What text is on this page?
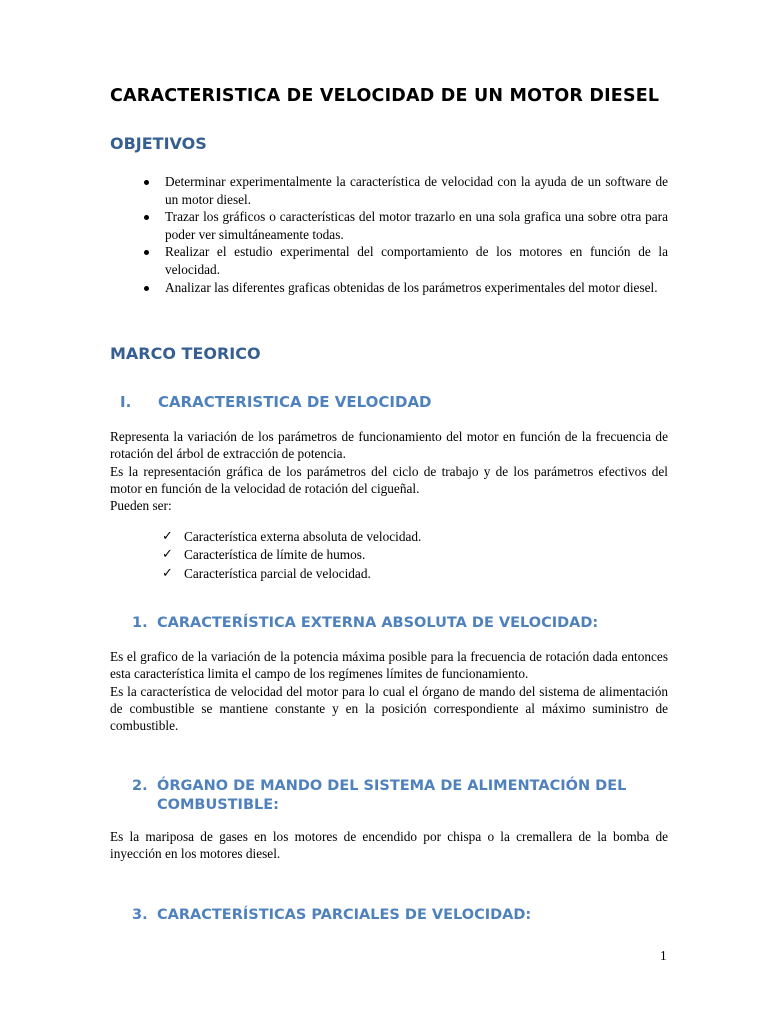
CARACTERISTICA DE VELOCIDAD DE UN MOTOR DIESEL
OBJETIVOS
Determinar experimentalmente la característica de velocidad con la ayuda de un software de un motor diesel.
Trazar los gráficos o características del motor trazarlo en una sola grafica una sobre otra para poder ver simultáneamente todas.
Realizar el estudio experimental del comportamiento de los motores en función de la velocidad.
Analizar las diferentes graficas obtenidas de los parámetros experimentales del motor diesel.
MARCO TEORICO
I. CARACTERISTICA DE VELOCIDAD

Representa la variación de los parámetros de funcionamiento del motor en función de la frecuencia de rotación del árbol de extracción de potencia.

Es la representación gráfica de los parámetros del ciclo de trabajo y de los parámetros efectivos del motor en función de la velocidad de rotación del cigueñal.

Pueden ser:

✓ Característica externa absoluta de velocidad.
✓ Característica de límite de humos.
✓ Característica parcial de velocidad.
1. CARACTERÍSTICA EXTERNA ABSOLUTA DE VELOCIDAD:

Es el grafico de la variación de la potencia máxima posible para la frecuencia de rotación dada entonces esta característica limita el campo de los regímenes límites de funcionamiento.

Es la característica de velocidad del motor para lo cual el órgano de mando del sistema de alimentación de combustible se mantiene constante y en la posición correspondiente al máximo suministro de combustible.

2. ÓRGANO DE MANDO DEL SISTEMA DE ALIMENTACIÓN DEL COMBUSTIBLE:

Es la mariposa de gases en los motores de encendido por chispa o la cremallera de la bomba de inyección en los motores diesel.

3. CARACTERÍSTICAS PARCIALES DE VELOCIDAD:
1
